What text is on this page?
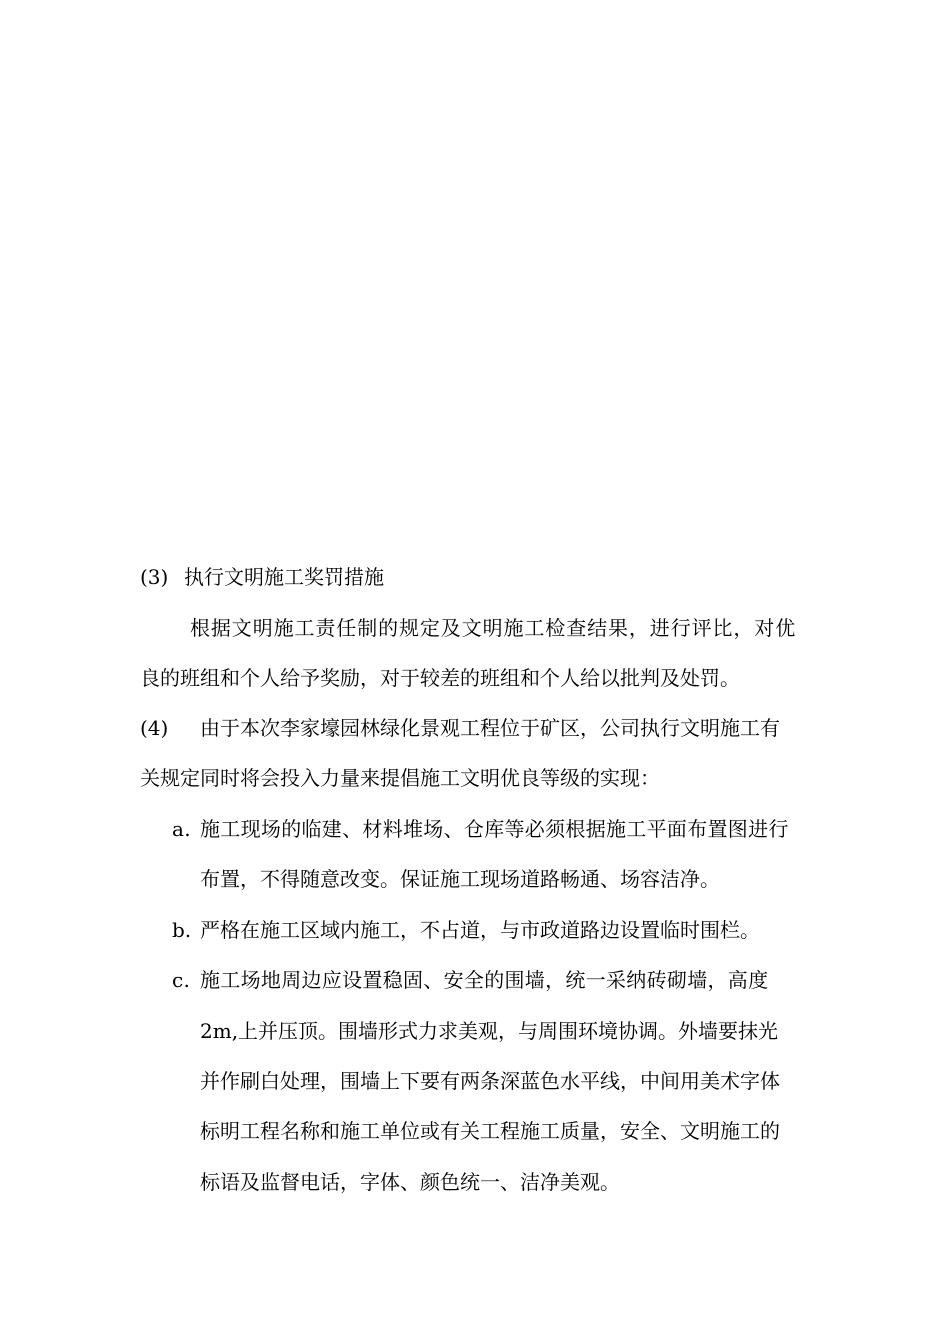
(3) 执行文明施工奖罚措施
根据文明施工责任制的规定及文明施工检查结果，进行评比，对优
良的班组和个人给予奖励，对于较差的班组和个人给以批判及处罚。
(4) 由于本次李家壕园林绿化景观工程位于矿区，公司执行文明施工有
关规定同时将会投入力量来提倡施工文明优良等级的实现：
a. 施工现场的临建、材料堆场、仓库等必须根据施工平面布置图进行
布置，不得随意改变。保证施工现场道路畅通、场容洁净。
b. 严格在施工区域内施工，不占道，与市政道路边设置临时围栏。
c. 施工场地周边应设置稳固、安全的围墙，统一采纳砖砌墙，高度
2m,上并压顶。围墙形式力求美观，与周围环境协调。外墙要抹光
并作刷白处理，围墙上下要有两条深蓝色水平线，中间用美术字体
标明工程名称和施工单位或有关工程施工质量，安全、文明施工的
标语及监督电话，字体、颜色统一、洁净美观。
